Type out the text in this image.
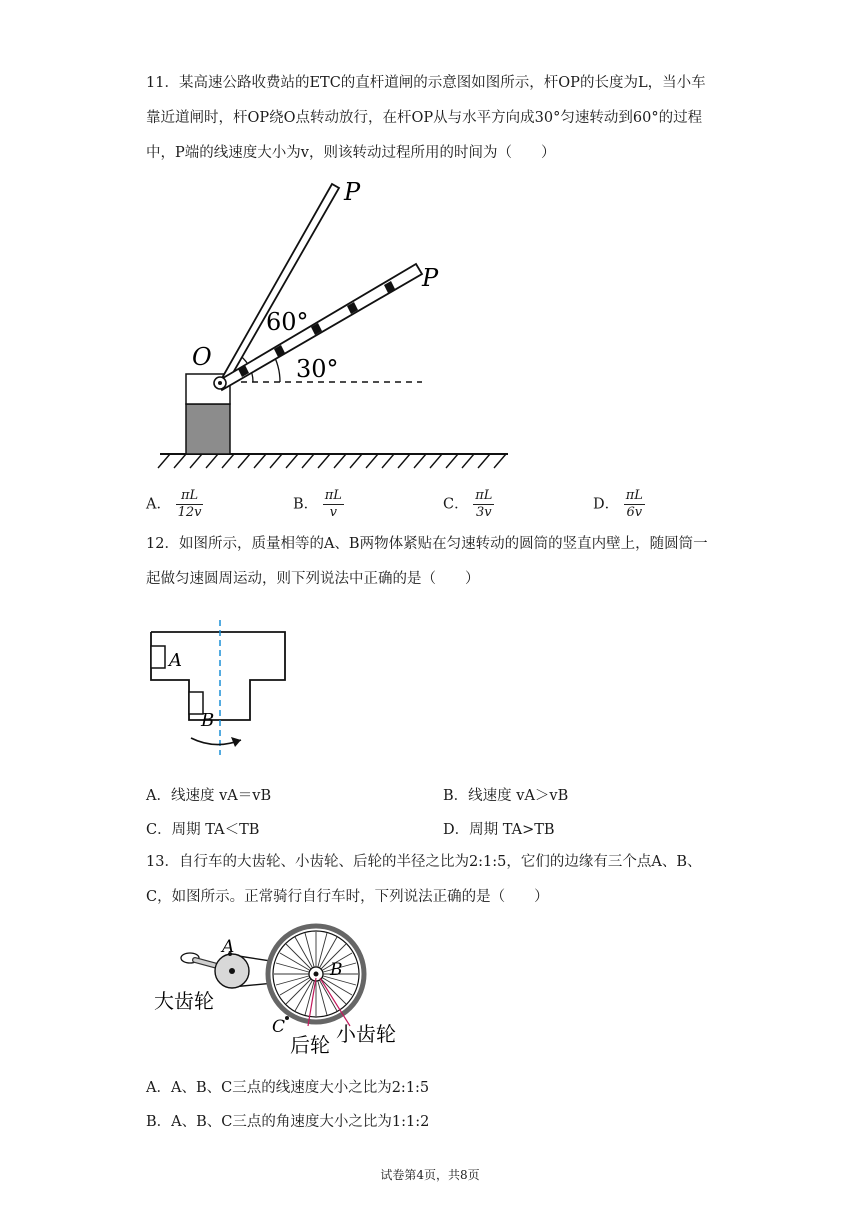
11．某高速公路收费站的ETC的直杆道闸的示意图如图所示，杆OP的长度为L，当小车靠近道闸时，杆OP绕O点转动放行，在杆OP从与水平方向成30°匀速转动到60°的过程中，P端的线速度大小为v，则该转动过程所用的时间为（　　）
P
P
O
60°
30°
A． $\frac{\pi L}{12v}$	B． $\frac{\pi L}{v}$	C． $\frac{\pi L}{3v}$	D． $\frac{\pi L}{6v}$
12．如图所示，质量相等的A、B两物体紧贴在匀速转动的圆筒的竖直内壁上，随圆筒一起做匀速圆周运动，则下列说法中正确的是（　　）
A
B
A．线速度 vA＝vB	B．线速度 vA＞vB
C．周期 TA＜TB	D．周期 TA>TB
13．自行车的大齿轮、小齿轮、后轮的半径之比为2:1:5，它们的边缘有三个点A、B、C，如图所示。正常骑行自行车时，下列说法正确的是（　　）
A
B
C
大齿轮
后轮 小齿轮
A．A、B、C三点的线速度大小之比为2:1:5
B．A、B、C三点的角速度大小之比为1:1:2
试卷第4页，共8页
